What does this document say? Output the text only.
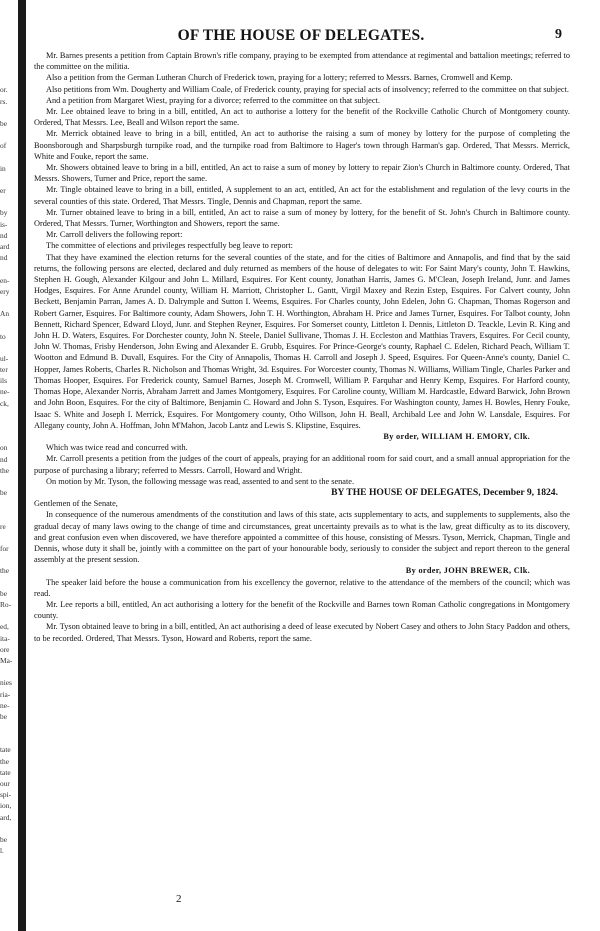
or.
rs.
be
of
in
er
by
is-
nd
ard
nd
en-
ery
An
to
ul-
ter
ils
ne-
ck,
on
nd
the
be
re
for
the
be
Ro-
ed,
ita-
ore
Ma-
nies
ria-
ne-
be
tate
the
tate
our
spi-
ion,
ard,
be
l.
OF THE HOUSE OF DELEGATES.	9

Mr. Barnes presents a petition from Captain Brown's rifle company, praying to be exempted from attendance at regimental and battalion meetings; referred to the committee on the militia.

Also a petition from the German Lutheran Church of Frederick town, praying for a lottery; referred to Messrs. Barnes, Cromwell and Kemp.

Also petitions from Wm. Dougherty and William Coale, of Frederick county, praying for special acts of insolvency; referred to the committee on that subject.

And a petition from Margaret Wiest, praying for a divorce; referred to the committee on that subject.

Mr. Lee obtained leave to bring in a bill, entitled, An act to authorise a lottery for the benefit of the Rockville Catholic Church of Montgomery county. Ordered, That Messrs. Lee, Beall and Wilson report the same.

Mr. Merrick obtained leave to bring in a bill, entitled, An act to authorise the raising a sum of money by lottery for the purpose of completing the Boonsborough and Sharpsburgh turnpike road, and the turnpike road from Baltimore to Hager's town through Harman's gap. Ordered, That Messrs. Merrick, White and Fouke, report the same.

Mr. Showers obtained leave to bring in a bill, entitled, An act to raise a sum of money by lottery to repair Zion's Church in Baltimore county. Ordered, That Messrs. Showers, Turner and Price, report the same.

Mr. Tingle obtained leave to bring in a bill, entitled, A supplement to an act, entitled, An act for the establishment and regulation of the levy courts in the several counties of this state. Ordered, That Messrs. Tingle, Dennis and Chapman, report the same.

Mr. Turner obtained leave to bring in a bill, entitled, An act to raise a sum of money by lottery, for the benefit of St. John's Church in Baltimore county. Ordered, That Messrs. Turner, Worthington and Showers, report the same.

Mr. Carroll delivers the following report:

The committee of elections and privileges respectfully beg leave to report:

That they have examined the election returns for the several counties of the state, and for the cities of Baltimore and Annapolis, and find that by the said returns, the following persons are elected, declared and duly returned as members of the house of delegates to wit: For Saint Mary's county, John T. Hawkins, Stephen H. Gough, Alexander Kilgour and John L. Millard, Esquires. For Kent county, Jonathan Harris, James G. M'Clean, Joseph Ireland, Junr. and James Hodges, Esquires. For Anne Arundel county, William H. Marriott, Christopher L. Gantt, Virgil Maxey and Rezin Estep, Esquires. For Calvert county, John Beckett, Benjamin Parran, James A. D. Dalrymple and Sutton I. Weems, Esquires. For Charles county, John Edelen, John G. Chapman, Thomas Rogerson and Robert Garner, Esquires. For Baltimore county, Adam Showers, John T. H. Worthington, Abraham H. Price and James Turner, Esquires. For Talbot county, John Bennett, Richard Spencer, Edward Lloyd, Junr. and Stephen Reyner, Esquires. For Somerset county, Littleton I. Dennis, Littleton D. Teackle, Levin R. King and John H. D. Waters, Esquires. For Dorchester county, John N. Steele, Daniel Sullivane, Thomas J. H. Eccleston and Matthias Travers, Esquires. For Cecil county, John W. Thomas, Frisby Henderson, John Ewing and Alexander E. Grubb, Esquires. For Prince-George's county, Raphael C. Edelen, Richard Peach, William T. Wootton and Edmund B. Duvall, Esquires. For the City of Annapolis, Thomas H. Carroll and Joseph J. Speed, Esquires. For Queen-Anne's county, Daniel C. Hopper, James Roberts, Charles R. Nicholson and Thomas Wright, 3d. Esquires. For Worcester county, Thomas N. Williams, William Tingle, Charles Parker and Thomas Hooper, Esquires. For Frederick county, Samuel Barnes, Joseph M. Cromwell, William P. Farquhar and Henry Kemp, Esquires. For Harford county, Thomas Hope, Alexander Norris, Abraham Jarrett and James Montgomery, Esquires. For Caroline county, William M. Hardcastle, Edward Barwick, John Brown and John Boon, Esquires. For the city of Baltimore, Benjamin C. Howard and John S. Tyson, Esquires. For Washington county, James H. Bowles, Henry Fouke, Isaac S. White and Joseph I. Merrick, Esquires. For Montgomery county, Otho Willson, John H. Beall, Archibald Lee and John W. Lansdale, Esquires. For Allegany county, John A. Hoffman, John M'Mahon, Jacob Lantz and Lewis S. Klipstine, Esquires.

By order, WILLIAM H. EMORY, Clk.

Which was twice read and concurred with.

Mr. Carroll presents a petition from the judges of the court of appeals, praying for an additional room for said court, and a small annual appropriation for the purpose of purchasing a library; referred to Messrs. Carroll, Howard and Wright.

On motion by Mr. Tyson, the following message was read, assented to and sent to the senate.

BY THE HOUSE OF DELEGATES, December 9, 1824.

Gentlemen of the Senate,

In consequence of the numerous amendments of the constitution and laws of this state, acts supplementary to acts, and supplements to supplements, also the gradual decay of many laws owing to the change of time and circumstances, great uncertainty prevails as to what is the law, great difficulty as to its discovery, and great confusion even when discovered, we have therefore appointed a committee of this house, consisting of Messrs. Tyson, Merrick, Chapman, Tingle and Dennis, whose duty it shall be, jointly with a committee on the part of your honourable body, seriously to consider the subject and report thereon to the general assembly at the present session.

By order, JOHN BREWER, Clk.

The speaker laid before the house a communication from his excellency the governor, relative to the attendance of the members of the council; which was read.

Mr. Lee reports a bill, entitled, An act authorising a lottery for the benefit of the Rockville and Barnes town Roman Catholic congregations in Montgomery county.

Mr. Tyson obtained leave to bring in a bill, entitled, An act authorising a deed of lease executed by Nobert Casey and others to John Stacy Paddon and others, to be recorded. Ordered, That Messrs. Tyson, Howard and Roberts, report the same.

2
